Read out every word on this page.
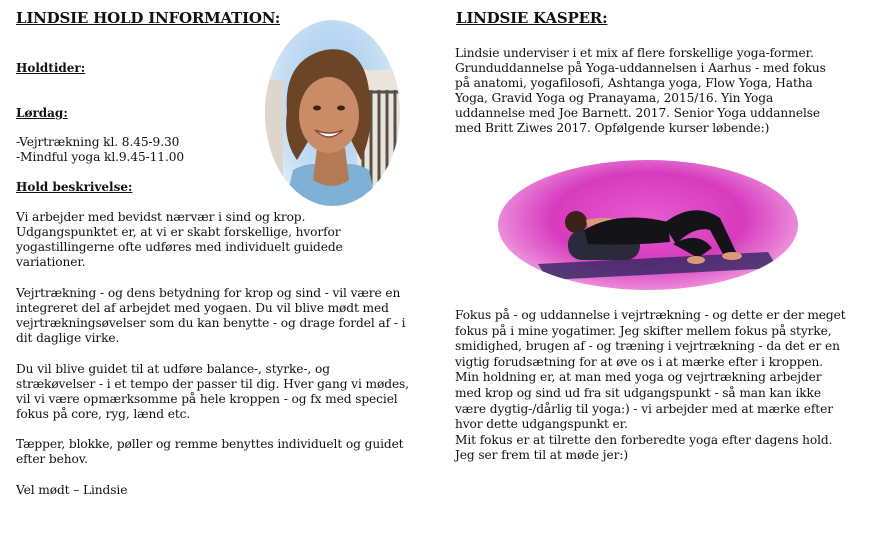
LINDSIE HOLD INFORMATION:
Holdtider:
Lørdag:
-Vejrtrækning kl. 8.45-9.30
-Mindful yoga kl.9.45-11.00
Hold beskrivelse:
Vi arbejder med bevidst nærvær i sind og krop.
Udgangspunktet er, at vi er skabt forskellige, hvorfor
yogastillingerne ofte udføres med individuelt guidede
variationer.
Vejrtrækning - og dens betydning for krop og sind - vil være en
integreret del af arbejdet med yogaen. Du vil blive mødt med
vejrtrækningsøvelser som du kan benytte - og drage fordel af - i
dit daglige virke.
Du vil blive guidet til at udføre balance-, styrke-, og
strækøvelser - i et tempo der passer til dig. Hver gang vi mødes,
vil vi være opmærksomme på hele kroppen - og fx med speciel
fokus på core, ryg, lænd etc.
Tæpper, blokke, pøller og remme benyttes individuelt og guidet
efter behov.
Vel mødt – Lindsie
LINDSIE KASPER:
Lindsie underviser i et mix af flere forskellige yoga-former.
Grunduddannelse på Yoga-uddannelsen i Aarhus - med fokus
på anatomi, yogafilosofi, Ashtanga yoga, Flow Yoga, Hatha
Yoga, Gravid Yoga og Pranayama, 2015/16. Yin Yoga
uddannelse med Joe Barnett. 2017. Senior Yoga uddannelse
med Britt Ziwes 2017. Opfølgende kurser løbende:)
Fokus på - og uddannelse i vejrtrækning - og dette er der meget
fokus på i mine yogatimer. Jeg skifter mellem fokus på styrke,
smidighed, brugen af - og træning i vejrtrækning - da det er en
vigtig forudsætning for at øve os i at mærke efter i kroppen.
Min holdning er, at man med yoga og vejrtrækning arbejder
med krop og sind ud fra sit udgangspunkt - så man kan ikke
være dygtig-/dårlig til yoga:) - vi arbejder med at mærke efter
hvor dette udgangspunkt er.
Mit fokus er at tilrette den forberedte yoga efter dagens hold.
Jeg ser frem til at møde jer:)
